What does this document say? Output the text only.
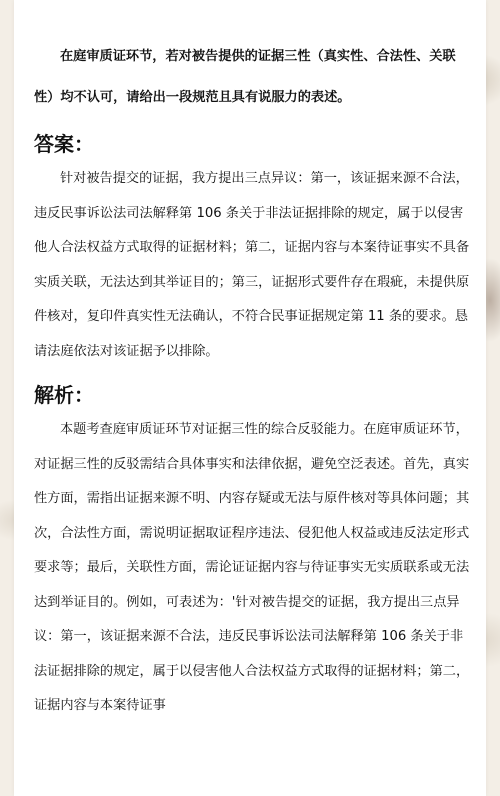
在庭审质证环节，若对被告提供的证据三性（真实性、合法性、关联性）均不认可，请给出一段规范且具有说服力的表述。

答案：

针对被告提交的证据，我方提出三点异议：第一，该证据来源不合法，违反民事诉讼法司法解释第 106 条关于非法证据排除的规定，属于以侵害他人合法权益方式取得的证据材料；第二，证据内容与本案待证事实不具备实质关联，无法达到其举证目的；第三，证据形式要件存在瑕疵，未提供原件核对，复印件真实性无法确认，不符合民事证据规定第 11 条的要求。恳请法庭依法对该证据予以排除。

解析：

本题考查庭审质证环节对证据三性的综合反驳能力。在庭审质证环节，对证据三性的反驳需结合具体事实和法律依据，避免空泛表述。首先，真实性方面，需指出证据来源不明、内容存疑或无法与原件核对等具体问题；其次，合法性方面，需说明证据取证程序违法、侵犯他人权益或违反法定形式要求等；最后，关联性方面，需论证证据内容与待证事实无实质联系或无法达到举证目的。例如，可表述为：'针对被告提交的证据，我方提出三点异议：第一，该证据来源不合法，违反民事诉讼法司法解释第 106 条关于非法证据排除的规定，属于以侵害他人合法权益方式取得的证据材料；第二，证据内容与本案待证事
